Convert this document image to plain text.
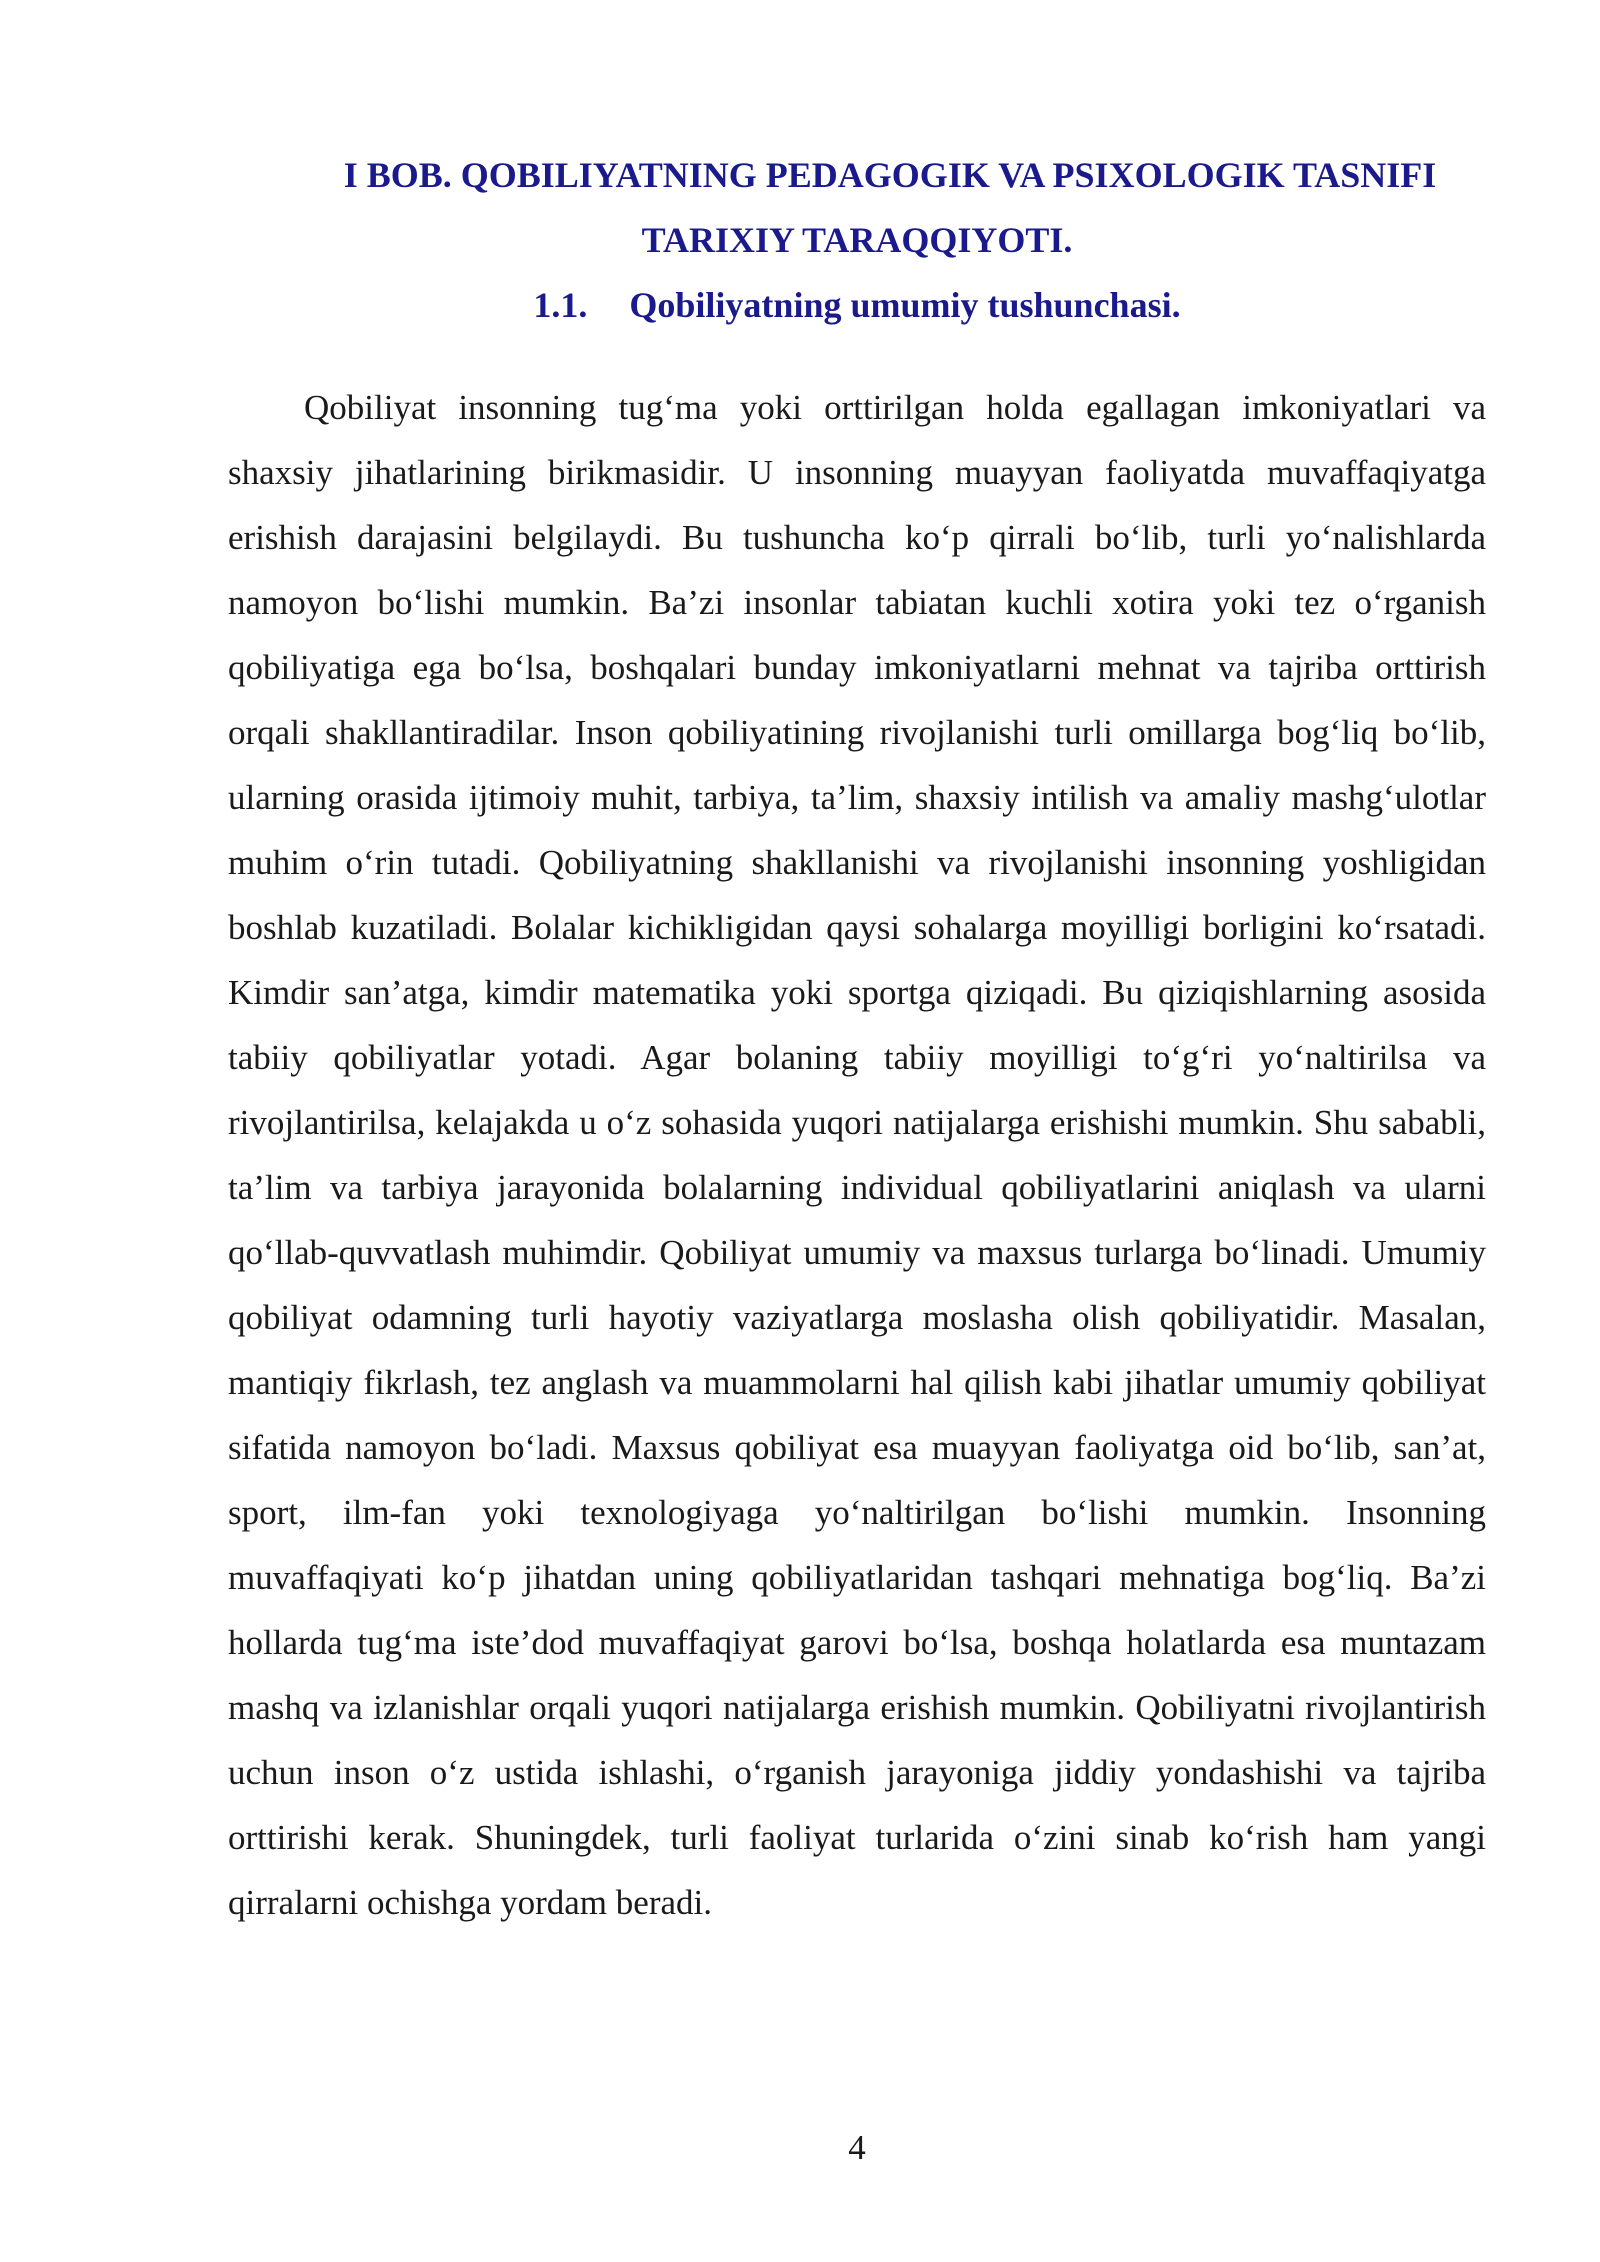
I BOB. QOBILIYATNING PEDAGOGIK VA PSIXOLOGIK TASNIFI
TARIXIY TARAQQIYOTI.
1.1. Qobiliyatning umumiy tushunchasi.

Qobiliyat insonning tug‘ma yoki orttirilgan holda egallagan imkoniyatlari va shaxsiy jihatlarining birikmasidir. U insonning muayyan faoliyatda muvaffaqiyatga erishish darajasini belgilaydi. Bu tushuncha ko‘p qirrali bo‘lib, turli yo‘nalishlarda namoyon bo‘lishi mumkin. Ba’zi insonlar tabiatan kuchli xotira yoki tez o‘rganish qobiliyatiga ega bo‘lsa, boshqalari bunday imkoniyatlarni mehnat va tajriba orttirish orqali shakllantiradilar. Inson qobiliyatining rivojlanishi turli omillarga bog‘liq bo‘lib, ularning orasida ijtimoiy muhit, tarbiya, ta’lim, shaxsiy intilish va amaliy mashg‘ulotlar muhim o‘rin tutadi. Qobiliyatning shakllanishi va rivojlanishi insonning yoshligidan boshlab kuzatiladi. Bolalar kichikligidan qaysi sohalarga moyilligi borligini ko‘rsatadi. Kimdir san’atga, kimdir matematika yoki sportga qiziqadi. Bu qiziqishlarning asosida tabiiy qobiliyatlar yotadi. Agar bolaning tabiiy moyilligi to‘g‘ri yo‘naltirilsa va rivojlantirilsa, kelajakda u o‘z sohasida yuqori natijalarga erishishi mumkin. Shu sababli, ta’lim va tarbiya jarayonida bolalarning individual qobiliyatlarini aniqlash va ularni qo‘llab-quvvatlash muhimdir. Qobiliyat umumiy va maxsus turlarga bo‘linadi. Umumiy qobiliyat odamning turli hayotiy vaziyatlarga moslasha olish qobiliyatidir. Masalan, mantiqiy fikrlash, tez anglash va muammolarni hal qilish kabi jihatlar umumiy qobiliyat sifatida namoyon bo‘ladi. Maxsus qobiliyat esa muayyan faoliyatga oid bo‘lib, san’at, sport, ilm-fan yoki texnologiyaga yo‘naltirilgan bo‘lishi mumkin. Insonning muvaffaqiyati ko‘p jihatdan uning qobiliyatlaridan tashqari mehnatiga bog‘liq. Ba’zi hollarda tug‘ma iste’dod muvaffaqiyat garovi bo‘lsa, boshqa holatlarda esa muntazam mashq va izlanishlar orqali yuqori natijalarga erishish mumkin. Qobiliyatni rivojlantirish uchun inson o‘z ustida ishlashi, o‘rganish jarayoniga jiddiy yondashishi va tajriba orttirishi kerak. Shuningdek, turli faoliyat turlarida o‘zini sinab ko‘rish ham yangi qirralarni ochishga yordam beradi.

4
